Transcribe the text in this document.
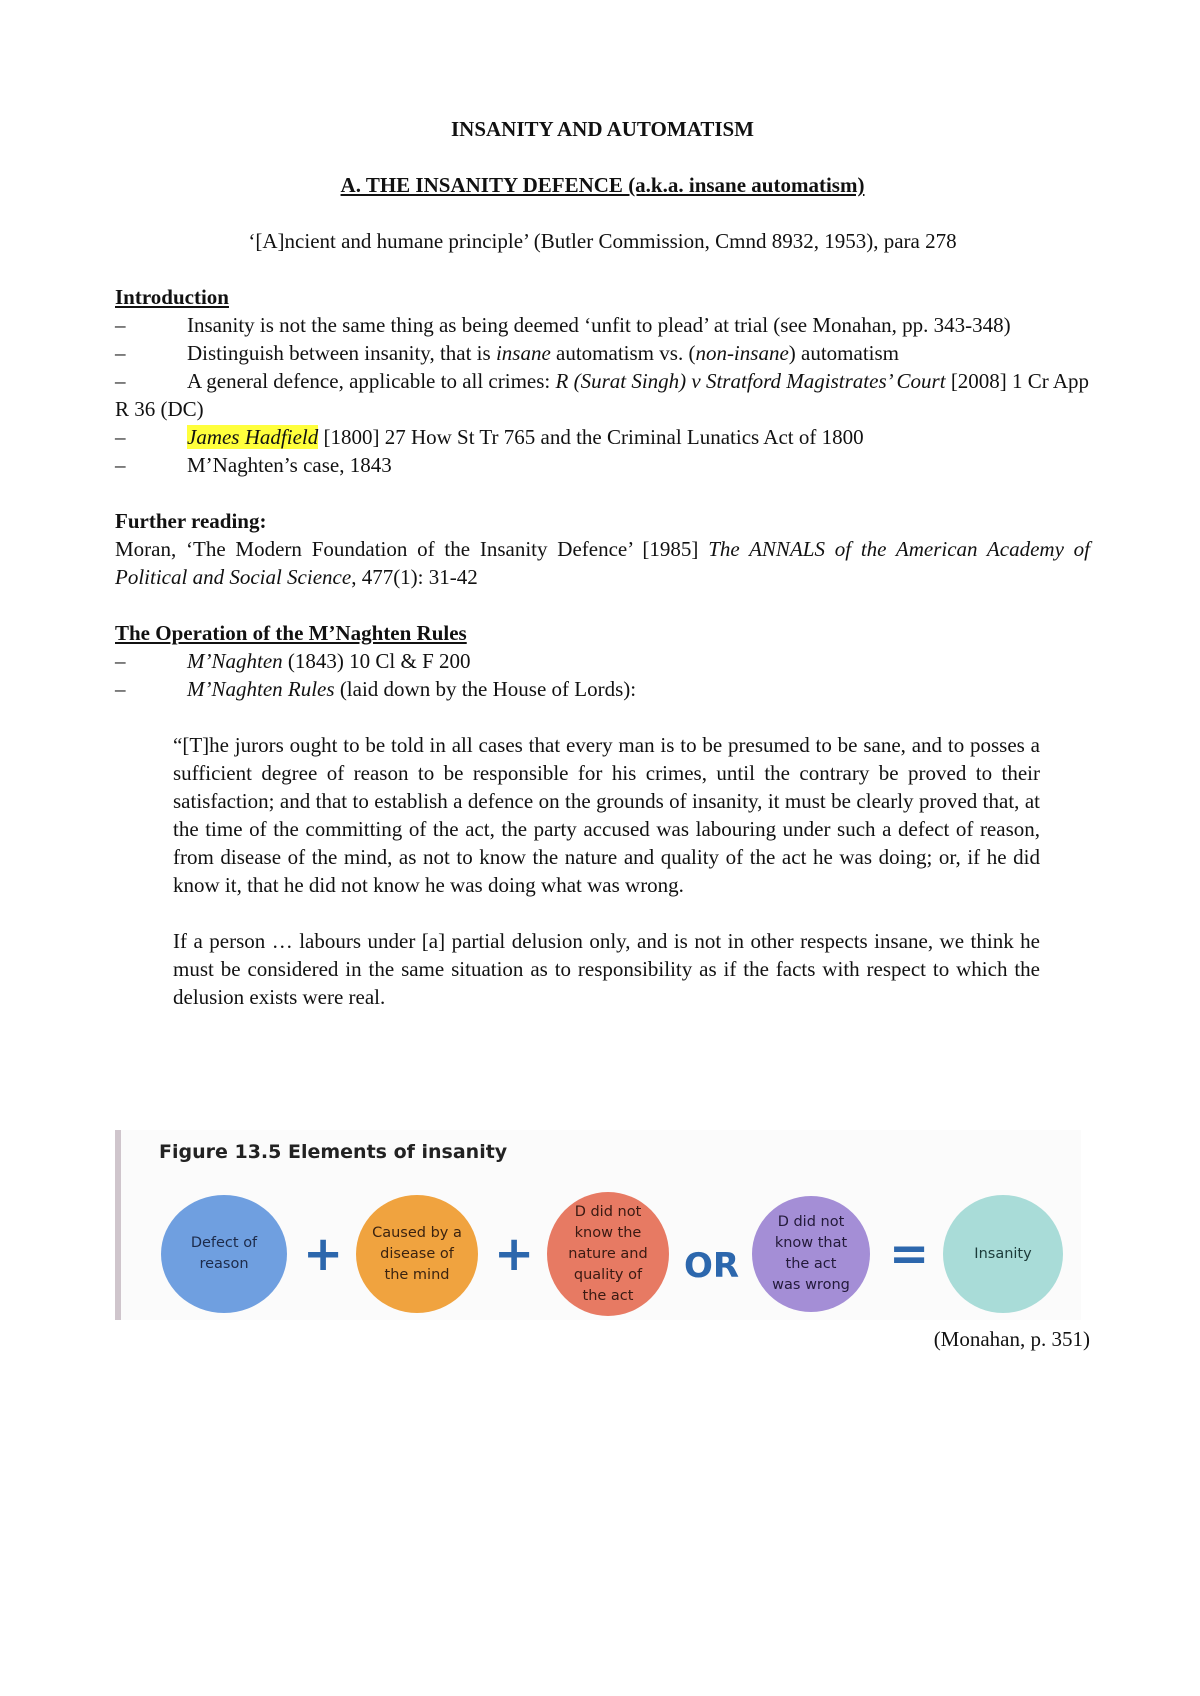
INSANITY AND AUTOMATISM
A. THE INSANITY DEFENCE (a.k.a. insane automatism)
‘[A]ncient and humane principle’ (Butler Commission, Cmnd 8932, 1953), para 278
Introduction
–	Insanity is not the same thing as being deemed ‘unfit to plead’ at trial (see Monahan, pp. 343-348)
–	Distinguish between insanity, that is insane automatism vs. (non-insane) automatism
–	A general defence, applicable to all crimes: R (Surat Singh) v Stratford Magistrates’ Court [2008] 1 Cr App R 36 (DC)
–	James Hadfield [1800] 27 How St Tr 765 and the Criminal Lunatics Act of 1800
–	M’Naghten’s case, 1843
Further reading:
Moran, ‘The Modern Foundation of the Insanity Defence’ [1985] The ANNALS of the American Academy of Political and Social Science, 477(1): 31-42
The Operation of the M’Naghten Rules
–	M’Naghten (1843) 10 Cl & F 200
–	M’Naghten Rules (laid down by the House of Lords):
“[T]he jurors ought to be told in all cases that every man is to be presumed to be sane, and to posses a sufficient degree of reason to be responsible for his crimes, until the contrary be proved to their satisfaction; and that to establish a defence on the grounds of insanity, it must be clearly proved that, at the time of the committing of the act, the party accused was labouring under such a defect of reason, from disease of the mind, as not to know the nature and quality of the act he was doing; or, if he did know it, that he did not know he was doing what was wrong.
If a person … labours under [a] partial delusion only, and is not in other respects insane, we think he must be considered in the same situation as to responsibility as if the facts with respect to which the delusion exists were real.
Figure 13.5 Elements of insanity
Defect of reason	+ Caused by a disease of the mind +
D did not know the nature and quality of the act
OR
D did not know that the act was wrong
=	Insanity
(Monahan, p. 351)
